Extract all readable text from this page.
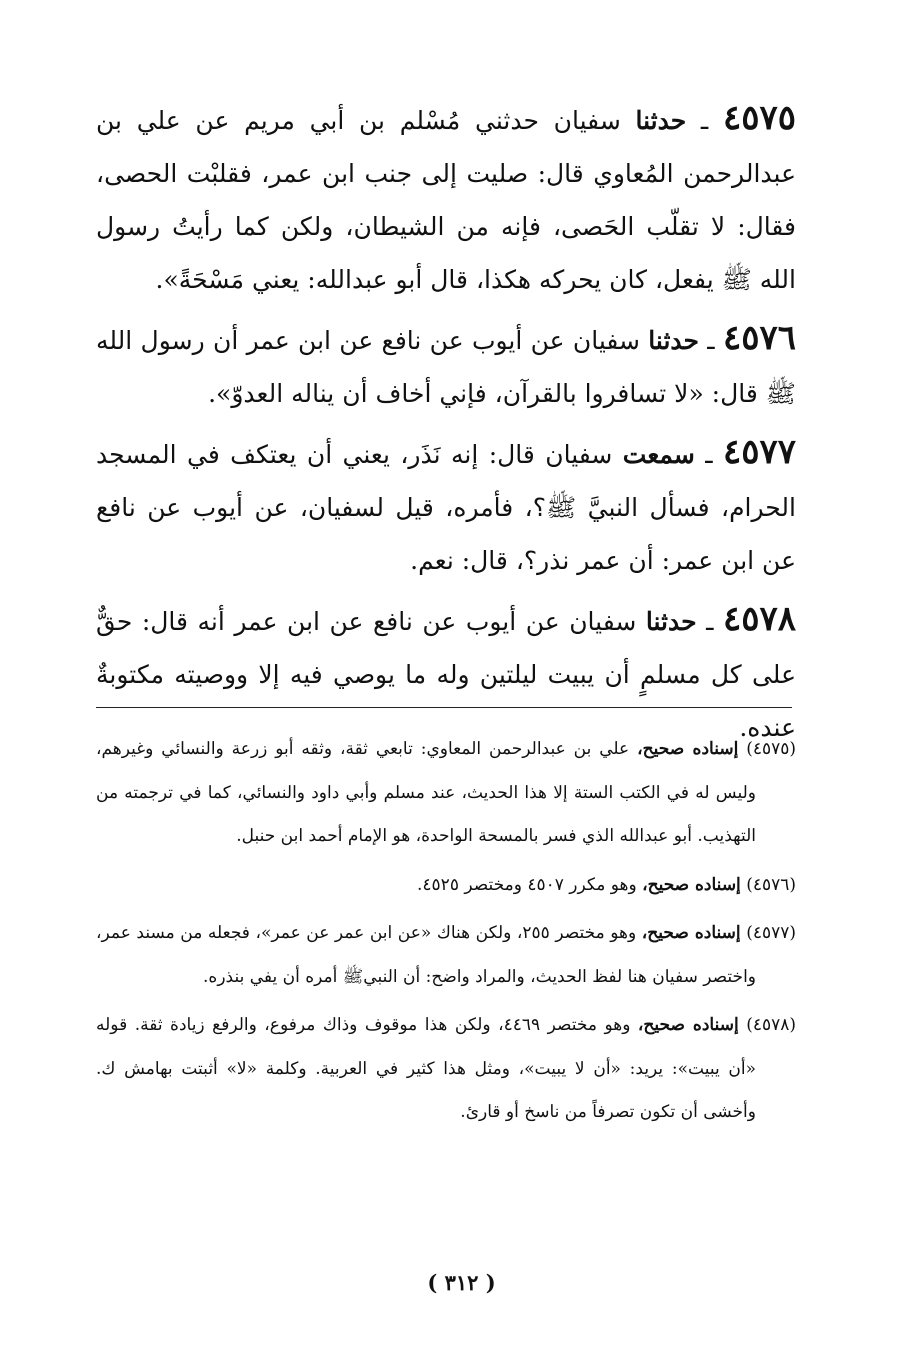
٤٥٧٥ ـ حدثنا سفيان حدثني مُسْلم بن أبي مريم عن علي بن عبدالرحمن المُعاوي قال: صليت إلى جنب ابن عمر، فقلبْت الحصى، فقال: لا تقلّب الحَصى، فإنه من الشيطان، ولكن كما رأيتُ رسول الله ﷺ يفعل، كان يحركه هكذا، قال أبو عبدالله: يعني مَسْحَةً».

٤٥٧٦ ـ حدثنا سفيان عن أيوب عن نافع عن ابن عمر أن رسول الله ﷺ قال: «لا تسافروا بالقرآن، فإني أخاف أن يناله العدوّ».

٤٥٧٧ ـ سمعت سفيان قال: إنه نَذَر، يعني أن يعتكف في المسجد الحرام، فسأل النبيَّ ﷺ؟، فأمره، قيل لسفيان، عن أيوب عن نافع عن ابن عمر: أن عمر نذر؟، قال: نعم.

٤٥٧٨ ـ حدثنا سفيان عن أيوب عن نافع عن ابن عمر أنه قال: حقٌّ على كل مسلمٍ أن يبيت ليلتين وله ما يوصي فيه إلا ووصيته مكتوبةٌ عنده.

(٤٥٧٥) إسناده صحيح، علي بن عبدالرحمن المعاوي: تابعي ثقة، وثقه أبو زرعة والنسائي وغيرهم، وليس له في الكتب الستة إلا هذا الحديث، عند مسلم وأبي داود والنسائي، كما في ترجمته من التهذيب. أبو عبدالله الذي فسر بالمسحة الواحدة، هو الإمام أحمد ابن حنبل.

(٤٥٧٦) إسناده صحيح، وهو مكرر ٤٥٠٧ ومختصر ٤٥٢٥.

(٤٥٧٧) إسناده صحيح، وهو مختصر ٢٥٥، ولكن هناك «عن ابن عمر عن عمر»، فجعله من مسند عمر، واختصر سفيان هنا لفظ الحديث، والمراد واضح: أن النبيﷺ أمره أن يفي بنذره.

(٤٥٧٨) إسناده صحيح، وهو مختصر ٤٤٦٩، ولكن هذا موقوف وذاك مرفوع، والرفع زيادة ثقة. قوله «أن يبيت»: يريد: «أن لا يبيت»، ومثل هذا كثير في العربية. وكلمة «لا» أثبتت بهامش ك. وأخشى أن تكون تصرفاً من ناسخ أو قارئ.

( ٣١٢ )
